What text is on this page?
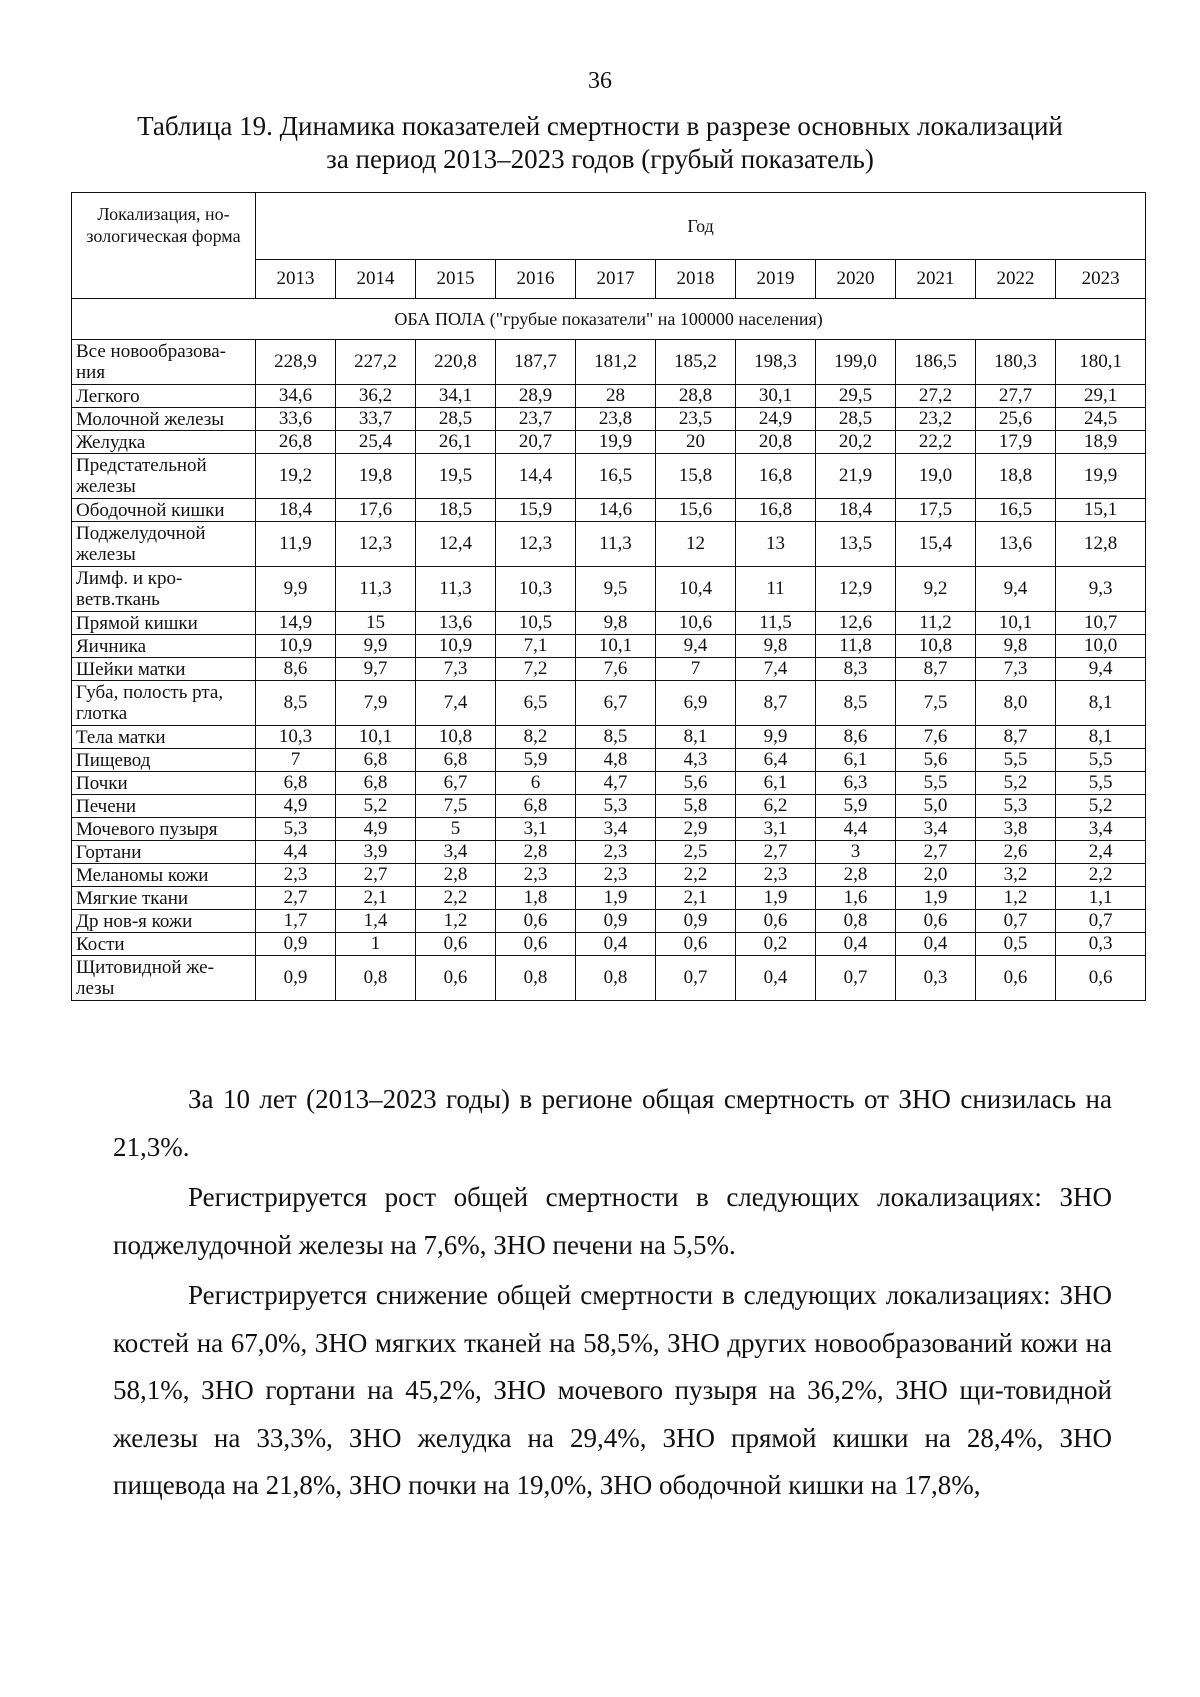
36
Таблица 19. Динамика показателей смертности в разрезе основных локализаций
за период 2013–2023 годов (грубый показатель)
Локализация, но-зологическая форма	Год										
	2013	2014	2015	2016	2017	2018	2019	2020	2021	2022	2023
ОБА ПОЛА ("грубые показатели" на 100000 населения)											
Все новообразова-ния	228,9	227,2	220,8	187,7	181,2	185,2	198,3	199,0	186,5	180,3	180,1
Легкого	34,6	36,2	34,1	28,9	28	28,8	30,1	29,5	27,2	27,7	29,1
Молочной железы	33,6	33,7	28,5	23,7	23,8	23,5	24,9	28,5	23,2	25,6	24,5
Желудка	26,8	25,4	26,1	20,7	19,9	20	20,8	20,2	22,2	17,9	18,9
Предстательной железы	19,2	19,8	19,5	14,4	16,5	15,8	16,8	21,9	19,0	18,8	19,9
Ободочной кишки	18,4	17,6	18,5	15,9	14,6	15,6	16,8	18,4	17,5	16,5	15,1
Поджелудочной железы	11,9	12,3	12,4	12,3	11,3	12	13	13,5	15,4	13,6	12,8
Лимф. и кро-ветв.ткань	9,9	11,3	11,3	10,3	9,5	10,4	11	12,9	9,2	9,4	9,3
Прямой кишки	14,9	15	13,6	10,5	9,8	10,6	11,5	12,6	11,2	10,1	10,7
Яичника	10,9	9,9	10,9	7,1	10,1	9,4	9,8	11,8	10,8	9,8	10,0
Шейки матки	8,6	9,7	7,3	7,2	7,6	7	7,4	8,3	8,7	7,3	9,4
Губа, полость рта, глотка	8,5	7,9	7,4	6,5	6,7	6,9	8,7	8,5	7,5	8,0	8,1
Тела матки	10,3	10,1	10,8	8,2	8,5	8,1	9,9	8,6	7,6	8,7	8,1
Пищевод	7	6,8	6,8	5,9	4,8	4,3	6,4	6,1	5,6	5,5	5,5
Почки	6,8	6,8	6,7	6	4,7	5,6	6,1	6,3	5,5	5,2	5,5
Печени	4,9	5,2	7,5	6,8	5,3	5,8	6,2	5,9	5,0	5,3	5,2
Мочевого пузыря	5,3	4,9	5	3,1	3,4	2,9	3,1	4,4	3,4	3,8	3,4
Гортани	4,4	3,9	3,4	2,8	2,3	2,5	2,7	3	2,7	2,6	2,4
Меланомы кожи	2,3	2,7	2,8	2,3	2,3	2,2	2,3	2,8	2,0	3,2	2,2
Мягкие ткани	2,7	2,1	2,2	1,8	1,9	2,1	1,9	1,6	1,9	1,2	1,1
Др нов-я кожи	1,7	1,4	1,2	0,6	0,9	0,9	0,6	0,8	0,6	0,7	0,7
Кости	0,9	1	0,6	0,6	0,4	0,6	0,2	0,4	0,4	0,5	0,3
Щитовидной же-лезы	0,9	0,8	0,6	0,8	0,8	0,7	0,4	0,7	0,3	0,6	0,6

За 10 лет (2013–2023 годы) в регионе общая смертность от ЗНО снизилась на 21,3%.

Регистрируется рост общей смертности в следующих локализациях: ЗНО поджелудочной железы на 7,6%, ЗНО печени на 5,5%.

Регистрируется снижение общей смертности в следующих локализациях: ЗНО костей на 67,0%, ЗНО мягких тканей на 58,5%, ЗНО других новообразований кожи на 58,1%, ЗНО гортани на 45,2%, ЗНО мочевого пузыря на 36,2%, ЗНО щи-товидной железы на 33,3%, ЗНО желудка на 29,4%, ЗНО прямой кишки на 28,4%, ЗНО пищевода на 21,8%, ЗНО почки на 19,0%, ЗНО ободочной кишки на 17,8%,
